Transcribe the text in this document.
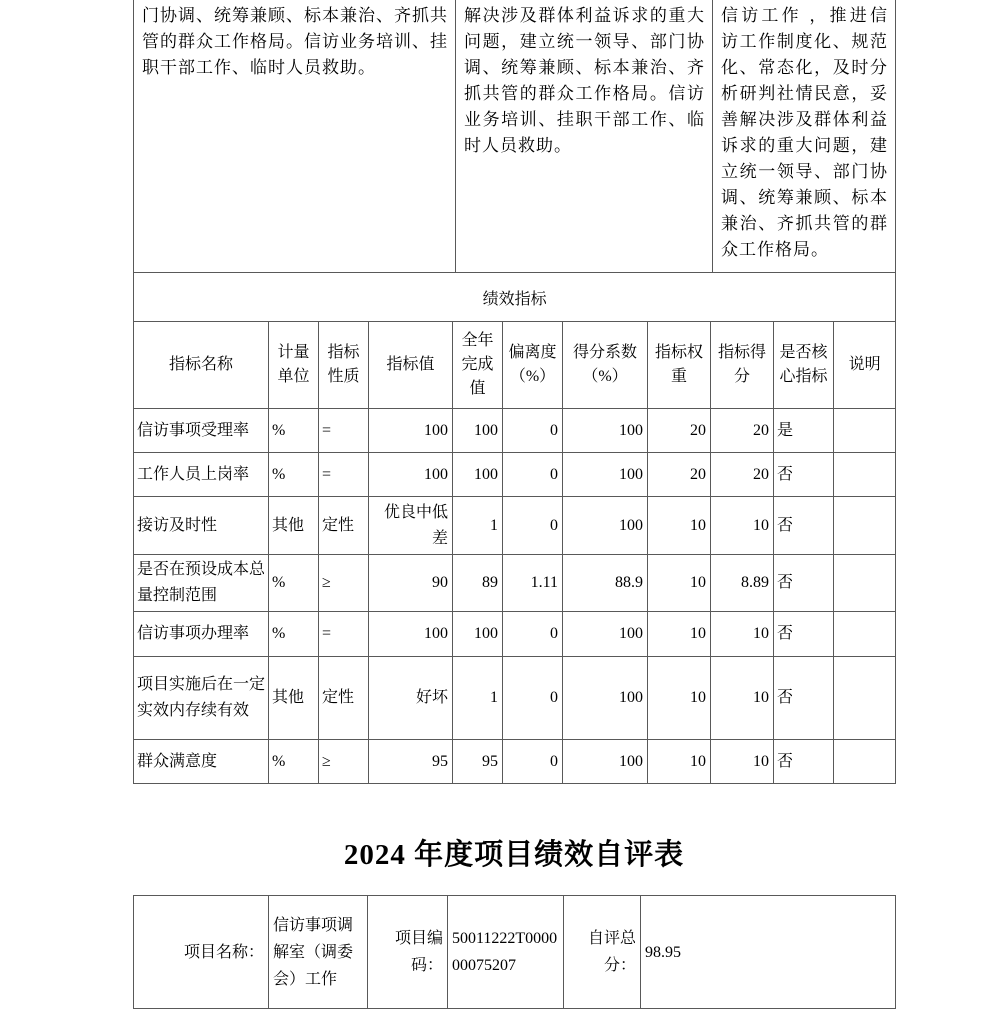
门协调、统筹兼顾、标本兼治、齐抓共管的群众工作格局。信访业务培训、挂职干部工作、临时人员救助。	解决涉及群体利益诉求的重大问题，建立统一领导、部门协调、统筹兼顾、标本兼治、齐抓共管的群众工作格局。信访业务培训、挂职干部工作、临时人员救助。	信访工作 ，推进信访工作制度化、规范化、常态化，及时分析研判社情民意，妥善解决涉及群体利益诉求的重大问题，建立统一领导、部门协调、统筹兼顾、标本兼治、齐抓共管的群众工作格局。
绩效指标										
指标名称	计量单位	指标性质	指标值	全年完成值	偏离度（%）	得分系数（%）	指标权重	指标得分	是否核心指标	说明
信访事项受理率	%	=	100	100	0	100	20	20	是	
工作人员上岗率	%	=	100	100	0	100	20	20	否	
接访及时性	其他	定性	优良中低差	1	0	100	10	10	否	
是否在预设成本总量控制范围	%	≥	90	89	1.11	88.9	10	8.89	否	
信访事项办理率	%	=	100	100	0	100	10	10	否	
项目实施后在一定实效内存续有效	其他	定性	好坏	1	0	100	10	10	否	
群众满意度	%	≥	95	95	0	100	10	10	否	
2024 年度项目绩效自评表
项目名称：	信访事项调解室（调委会）工作	项目编码：	50011222T000000075207	自评总分：	98.95
